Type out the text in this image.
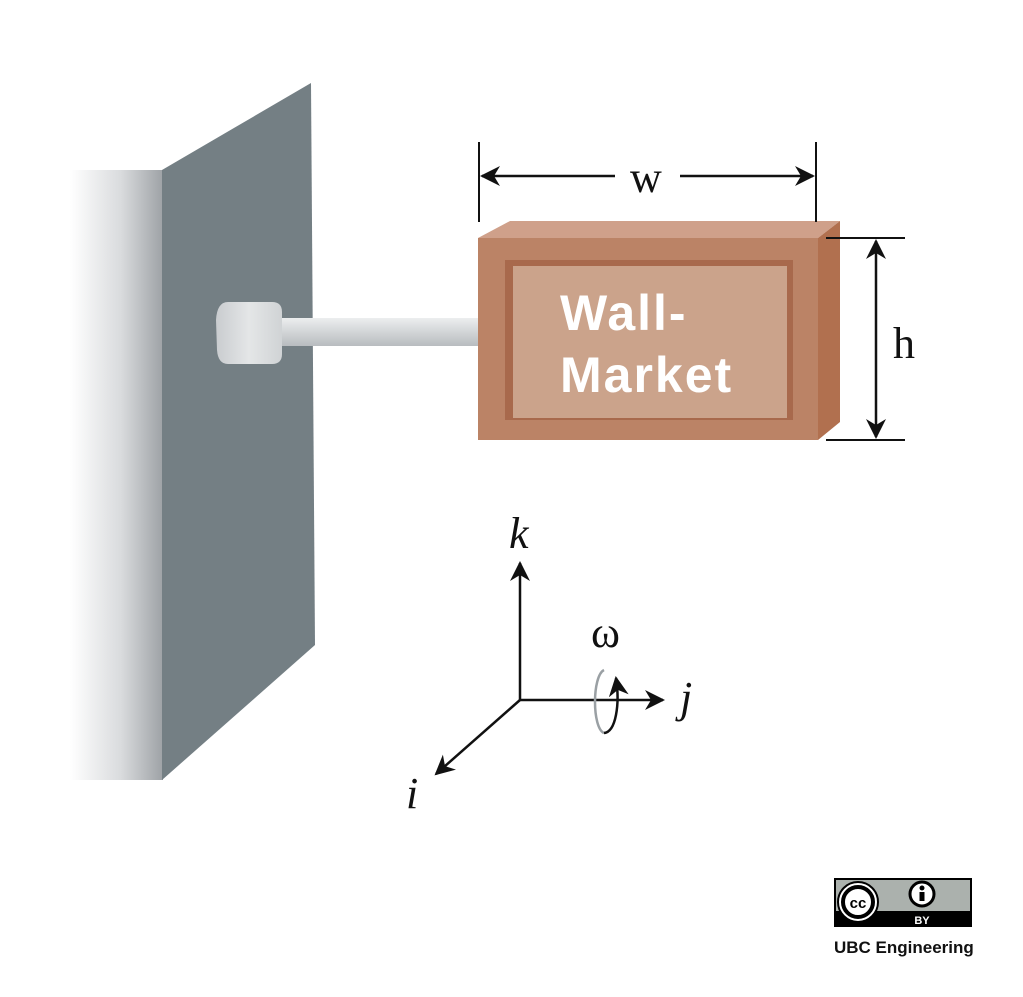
Wall-
Market
w
h
k
j
i
ω
cc
BY
UBC Engineering
